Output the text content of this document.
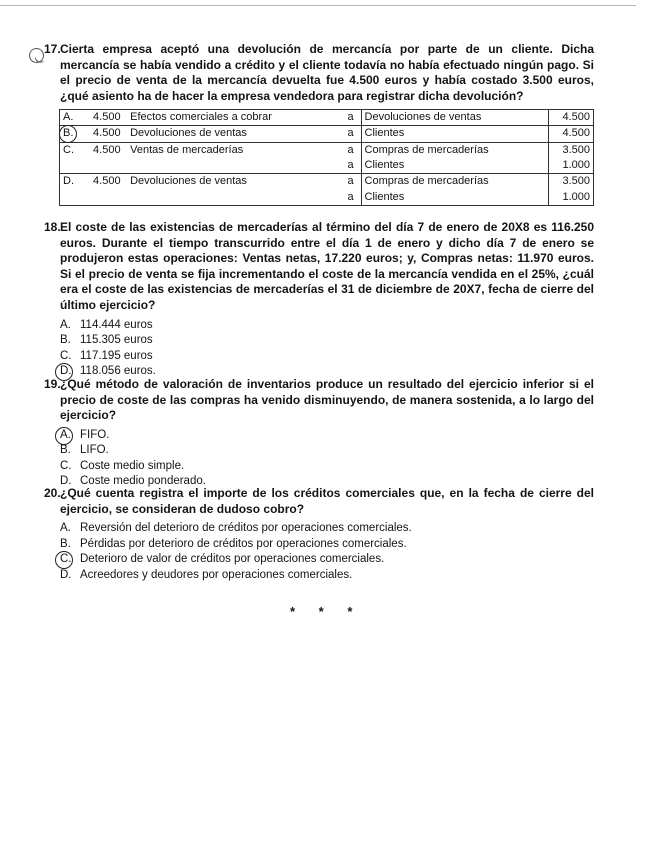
17.Cierta empresa aceptó una devolución de mercancía por parte de un cliente. Dicha mercancía se había vendido a crédito y el cliente todavía no había efectuado ningún pago. Si el precio de venta de la mercancía devuelta fue 4.500 euros y había costado 3.500 euros, ¿qué asiento ha de hacer la empresa vendedora para registrar dicha devolución?
A.	4.500	Efectos comerciales a cobrar	a	Devoluciones de ventas	4.500

B.	4.500	Devoluciones de ventas	a	Clientes	4.500
C.	4.500	Ventas de mercaderías	a	Compras de mercaderías	3.500
			a	Clientes	1.000
D.	4.500	Devoluciones de ventas	a	Compras de mercaderías	3.500
			a	Clientes	1.000
18.El coste de las existencias de mercaderías al término del día 7 de enero de 20X8 es 116.250 euros. Durante el tiempo transcurrido entre el día 1 de enero y dicho día 7 de enero se produjeron estas operaciones: Ventas netas, 17.220 euros; y, Compras netas: 11.970 euros. Si el precio de venta se fija incrementando el coste de la mercancía vendida en el 25%, ¿cuál era el coste de las existencias de mercaderías el 31 de diciembre de 20X7, fecha de cierre del último ejercicio?
A. 114.444 euros
B. 115.305 euros
C. 117.195 euros
D. 118.056 euros.
19.¿Qué método de valoración de inventarios produce un resultado del ejercicio inferior si el precio de coste de las compras ha venido disminuyendo, de manera sostenida, a lo largo del ejercicio?
A. FIFO.
B. LIFO.
C. Coste medio simple.
D. Coste medio ponderado.
20.¿Qué cuenta registra el importe de los créditos comerciales que, en la fecha de cierre del ejercicio, se consideran de dudoso cobro?
A. Reversión del deterioro de créditos por operaciones comerciales.
B. Pérdidas por deterioro de créditos por operaciones comerciales.
C. Deterioro de valor de créditos por operaciones comerciales.
D. Acreedores y deudores por operaciones comerciales.
* * *
